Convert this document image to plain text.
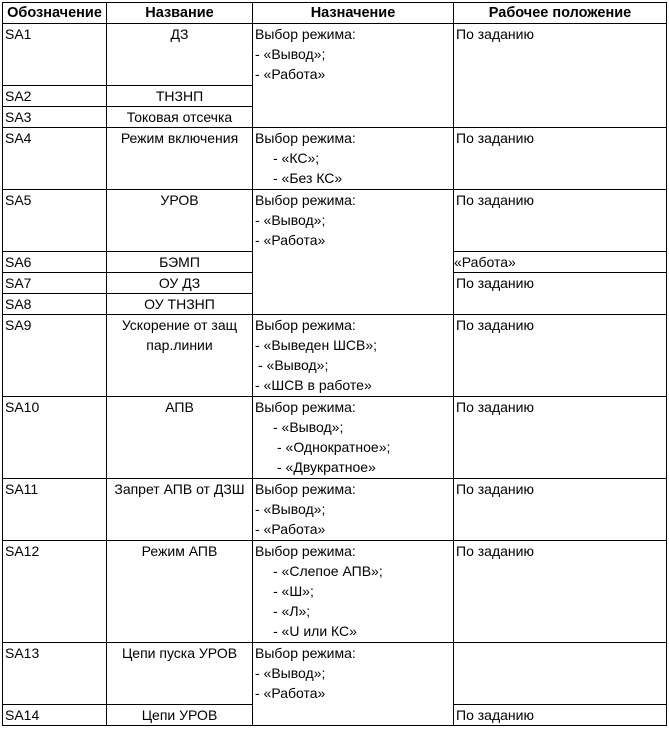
Обозначение	Название	Назначение	Рабочее положение
SA1	ДЗ	Выбор режима:
- «Вывод»;
- «Работа»	По заданию
SA2	ТНЗНП		

SA3	Токовая отсечка		

SA4	Режим включения	Выбор режима:
- «КС»;
- «Без КС»	По заданию
SA5	УРОВ	Выбор режима:
- «Вывод»;
- «Работа»	По заданию
SA6	БЭМП		«Работа»
SA7	ОУ ДЗ		По заданию
SA8	ОУ ТНЗНП		

SA9	Ускорение от защ
пар.линии	Выбор режима:
- «Выведен ШСВ»;
- «Вывод»;
- «ШСВ в работе»	По заданию
SA10	АПВ	Выбор режима:
- «Вывод»;
- «Однократное»;
- «Двукратное»	По заданию
SA11	Запрет АПВ от ДЗШ	Выбор режима:
- «Вывод»;
- «Работа»	По заданию
SA12	Режим АПВ	Выбор режима:
- «Слепое АПВ»;
- «Ш»;
- «Л»;
- «U или КС»	По заданию
SA13	Цепи пуска УРОВ	Выбор режима:
- «Вывод»;
- «Работа»	

SA14	Цепи УРОВ		По заданию
